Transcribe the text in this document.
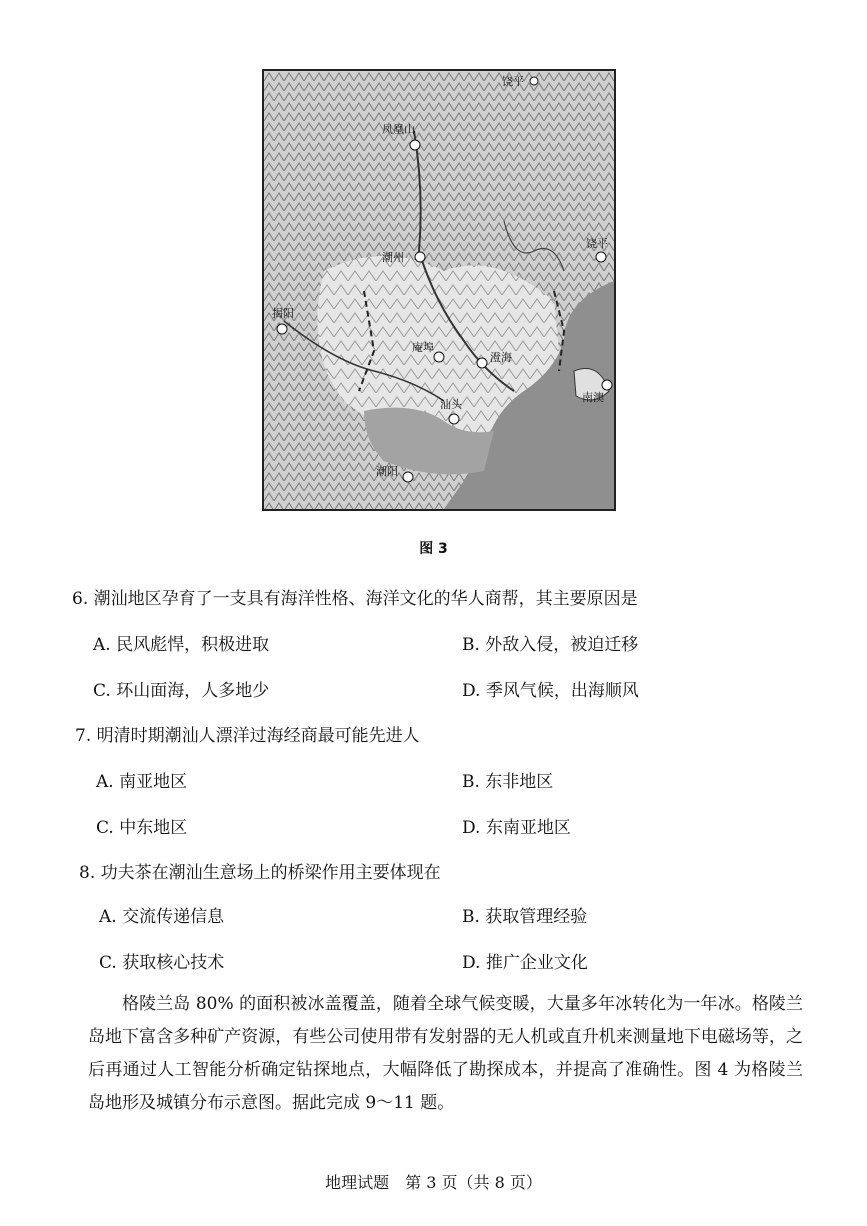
饶平
凤凰山
潮州
饶平
揭阳
庵埠
澄海
汕头
南澳
潮阳
图 3
6. 潮汕地区孕育了一支具有海洋性格、海洋文化的华人商帮，其主要原因是
A. 民风彪悍，积极进取	B. 外敌入侵，被迫迁移
C. 环山面海，人多地少	D. 季风气候，出海顺风
7. 明清时期潮汕人漂洋过海经商最可能先进人
A. 南亚地区	B. 东非地区
C. 中东地区	D. 东南亚地区
8. 功夫茶在潮汕生意场上的桥梁作用主要体现在
A. 交流传递信息	B. 获取管理经验
C. 获取核心技术	D. 推广企业文化

格陵兰岛 80% 的面积被冰盖覆盖，随着全球气候变暖，大量多年冰转化为一年冰。格陵兰岛地下富含多种矿产资源，有些公司使用带有发射器的无人机或直升机来测量地下电磁场等，之后再通过人工智能分析确定钻探地点，大幅降低了勘探成本，并提高了准确性。图 4 为格陵兰岛地形及城镇分布示意图。据此完成 9～11 题。

地理试题　第 3 页（共 8 页）
